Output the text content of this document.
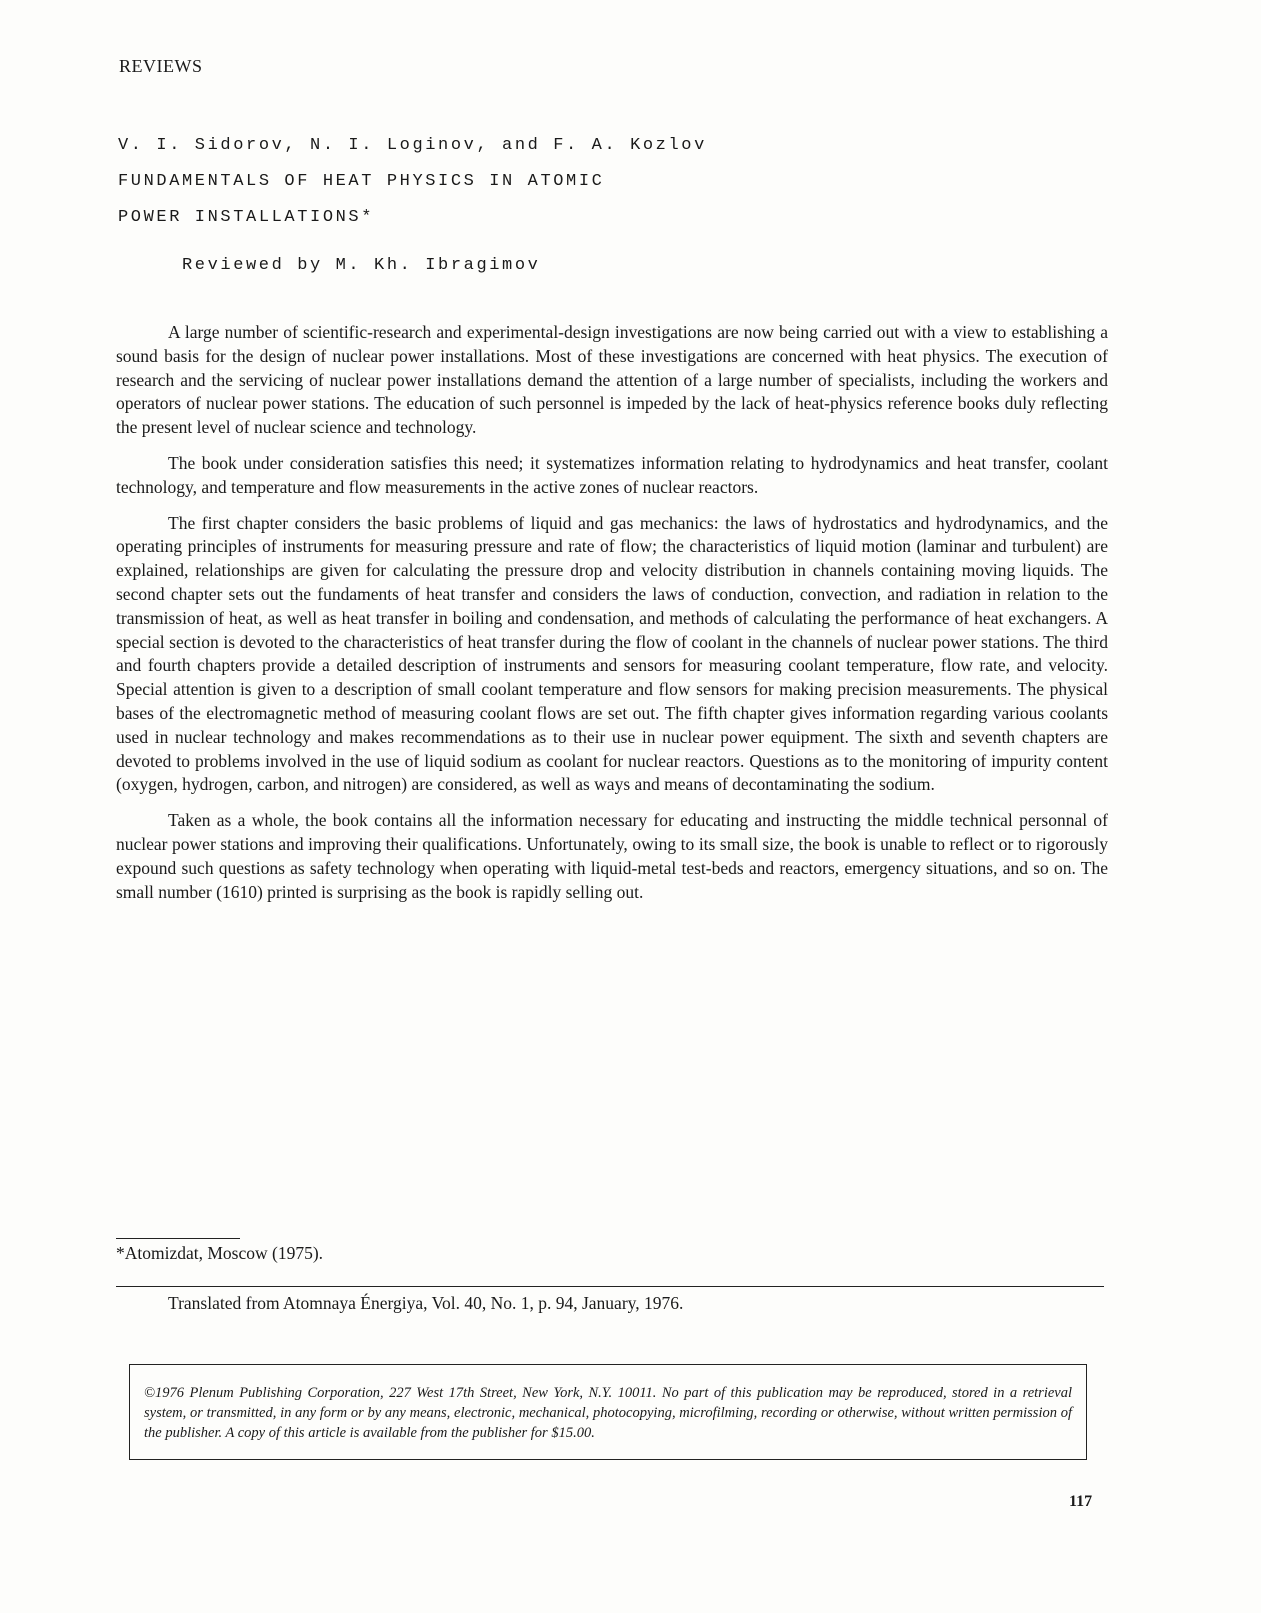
REVIEWS
V. I. Sidorov, N. I. Loginov, and F. A. Kozlov
FUNDAMENTALS OF HEAT PHYSICS IN ATOMIC
POWER INSTALLATIONS*
Reviewed by M. Kh. Ibragimov

A large number of scientific-research and experimental-design investigations are now being carried out with a view to establishing a sound basis for the design of nuclear power installations. Most of these investigations are concerned with heat physics. The execution of research and the servicing of nuclear power installations demand the attention of a large number of specialists, including the workers and operators of nuclear power stations. The education of such personnel is impeded by the lack of heat-physics reference books duly reflecting the present level of nuclear science and technology.

The book under consideration satisfies this need; it systematizes information relating to hydrodynamics and heat transfer, coolant technology, and temperature and flow measurements in the active zones of nuclear reactors.

The first chapter considers the basic problems of liquid and gas mechanics: the laws of hydrostatics and hydrodynamics, and the operating principles of instruments for measuring pressure and rate of flow; the characteristics of liquid motion (laminar and turbulent) are explained, relationships are given for calculating the pressure drop and velocity distribution in channels containing moving liquids. The second chapter sets out the fundaments of heat transfer and considers the laws of conduction, convection, and radiation in relation to the transmission of heat, as well as heat transfer in boiling and condensation, and methods of calculating the performance of heat exchangers. A special section is devoted to the characteristics of heat transfer during the flow of coolant in the channels of nuclear power stations. The third and fourth chapters provide a detailed description of instruments and sensors for measuring coolant temperature, flow rate, and velocity. Special attention is given to a description of small coolant temperature and flow sensors for making precision measurements. The physical bases of the electromagnetic method of measuring coolant flows are set out. The fifth chapter gives information regarding various coolants used in nuclear technology and makes recommendations as to their use in nuclear power equipment. The sixth and seventh chapters are devoted to problems involved in the use of liquid sodium as coolant for nuclear reactors. Questions as to the monitoring of impurity content (oxygen, hydrogen, carbon, and nitrogen) are considered, as well as ways and means of decontaminating the sodium.

Taken as a whole, the book contains all the information necessary for educating and instructing the middle technical personnal of nuclear power stations and improving their qualifications. Unfortunately, owing to its small size, the book is unable to reflect or to rigorously expound such questions as safety technology when operating with liquid-metal test-beds and reactors, emergency situations, and so on. The small number (1610) printed is surprising as the book is rapidly selling out.

*Atomizdat, Moscow (1975).
Translated from Atomnaya Énergiya, Vol. 40, No. 1, p. 94, January, 1976.

©1976 Plenum Publishing Corporation, 227 West 17th Street, New York, N.Y. 10011. No part of this publication may be reproduced, stored in a retrieval system, or transmitted, in any form or by any means, electronic, mechanical, photocopying, microfilming, recording or otherwise, without written permission of the publisher. A copy of this article is available from the publisher for $15.00.

117
